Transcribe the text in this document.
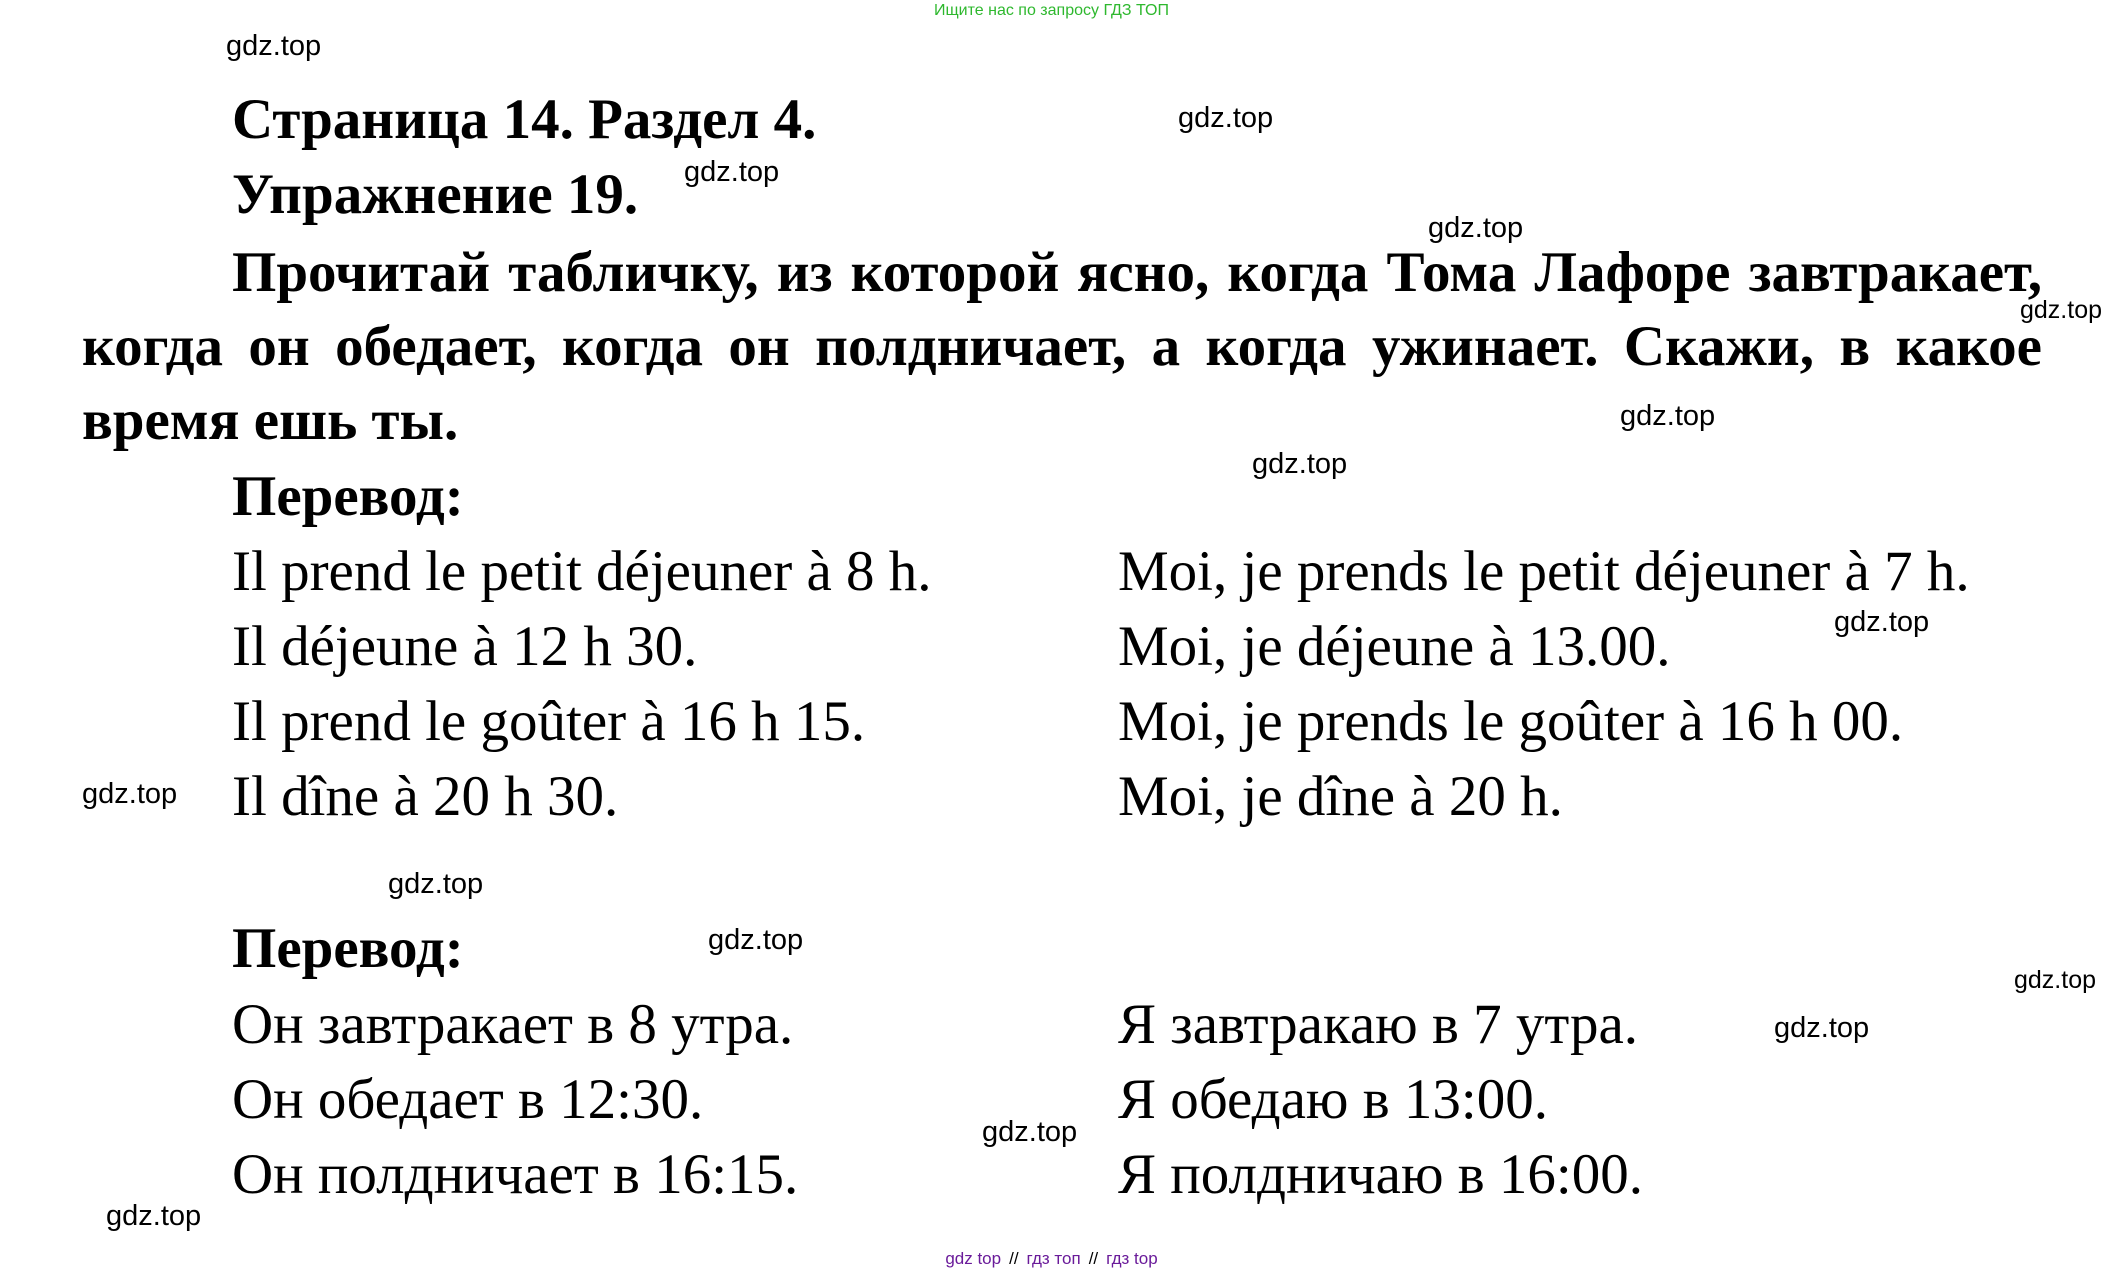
Ищите нас по запросу ГДЗ ТОП
Страница 14. Раздел 4.
Упражнение 19.
Прочитай табличку, из которой ясно, когда Тома Лафоре завтракает, когда он обедает, когда он полдничает, а когда ужинает. Скажи, в какое время ешь ты.
Перевод:
Il prend le petit déjeuner à 8 h.
Il déjeune à 12 h 30.
Il prend le goûter à 16 h 15.
Il dîne à 20 h 30.
Moi, je prends le petit déjeuner à 7 h.
Moi, je déjeune à 13.00.
Moi, je prends le goûter à 16 h 00.
Moi, je dîne à 20 h.
Перевод:
Он завтракает в 8 утра.
Он обедает в 12:30.
Он полдничает в 16:15.
Я завтракаю в 7 утра.
Я обедаю в 13:00.
Я полдничаю в 16:00.
gdz.top
gdz.top
gdz.top
gdz.top
gdz.top
gdz.top
gdz.top
gdz.top
gdz.top
gdz.top
gdz.top
gdz.top
gdz.top
gdz.top
gdz.top
gdz top // гдз топ // гдз top
